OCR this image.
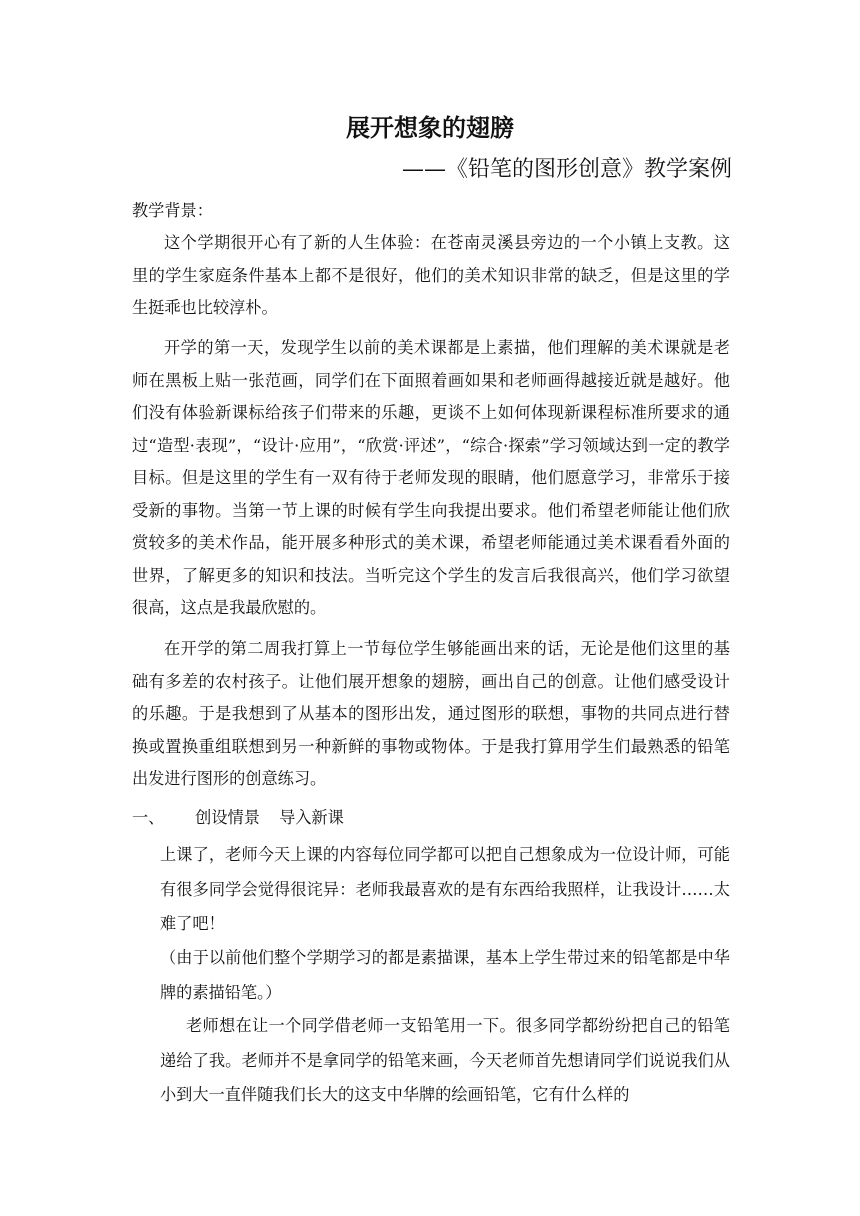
展开想象的翅膀
——《铅笔的图形创意》教学案例

教学背景：

这个学期很开心有了新的人生体验：在苍南灵溪县旁边的一个小镇上支教。这里的学生家庭条件基本上都不是很好，他们的美术知识非常的缺乏，但是这里的学生挺乖也比较淳朴。

开学的第一天，发现学生以前的美术课都是上素描，他们理解的美术课就是老师在黑板上贴一张范画，同学们在下面照着画如果和老师画得越接近就是越好。他们没有体验新课标给孩子们带来的乐趣，更谈不上如何体现新课程标准所要求的通过“造型·表现”，“设计·应用”，“欣赏·评述”，“综合·探索”学习领域达到一定的教学目标。但是这里的学生有一双有待于老师发现的眼睛，他们愿意学习，非常乐于接受新的事物。当第一节上课的时候有学生向我提出要求。他们希望老师能让他们欣赏较多的美术作品，能开展多种形式的美术课，希望老师能通过美术课看看外面的世界，了解更多的知识和技法。当听完这个学生的发言后我很高兴，他们学习欲望很高，这点是我最欣慰的。

在开学的第二周我打算上一节每位学生够能画出来的话，无论是他们这里的基础有多差的农村孩子。让他们展开想象的翅膀，画出自己的创意。让他们感受设计的乐趣。于是我想到了从基本的图形出发，通过图形的联想，事物的共同点进行替换或置换重组联想到另一种新鲜的事物或物体。于是我打算用学生们最熟悉的铅笔出发进行图形的创意练习。

一、 创设情景 导入新课

上课了，老师今天上课的内容每位同学都可以把自己想象成为一位设计师，可能有很多同学会觉得很诧异：老师我最喜欢的是有东西给我照样，让我设计……太难了吧！

（由于以前他们整个学期学习的都是素描课，基本上学生带过来的铅笔都是中华牌的素描铅笔。）

老师想在让一个同学借老师一支铅笔用一下。很多同学都纷纷把自己的铅笔递给了我。老师并不是拿同学的铅笔来画，今天老师首先想请同学们说说我们从小到大一直伴随我们长大的这支中华牌的绘画铅笔，它有什么样的
